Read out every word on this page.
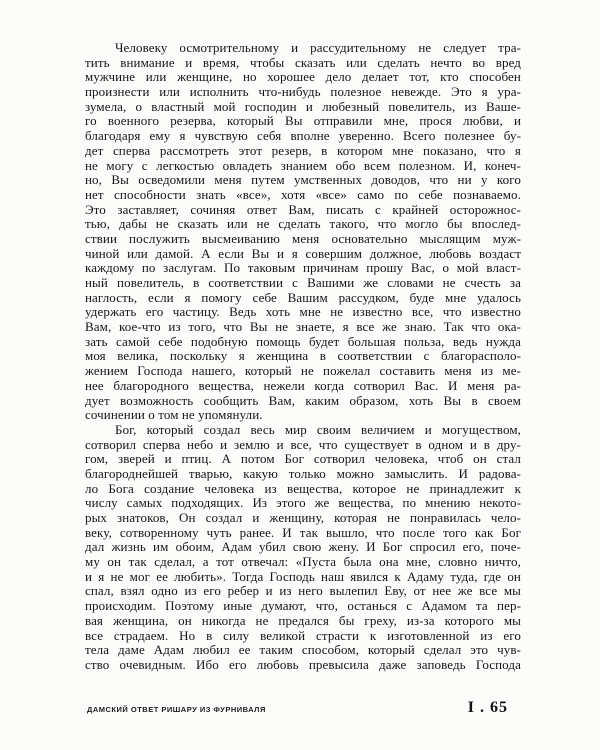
Человеку осмотрительному и рассудительному не следует тра-
тить внимание и время, чтобы сказать или сделать нечто во вред
мужчине или женщине, но хорошее дело делает тот, кто способен
произнести или исполнить что-нибудь полезное невежде. Это я ура-
зумела, о властный мой господин и любезный повелитель, из Ваше-
го военного резерва, который Вы отправили мне, прося любви, и
благодаря ему я чувствую себя вполне уверенно. Всего полезнее бу-
дет сперва рассмотреть этот резерв, в котором мне показано, что я
не могу с легкостью овладеть знанием обо всем полезном. И, конеч-
но, Вы осведомили меня путем умственных доводов, что ни у кого
нет способности знать «все», хотя «все» само по себе познаваемо.
Это заставляет, сочиняя ответ Вам, писать с крайней осторожнос-
тью, дабы не сказать или не сделать такого, что могло бы впослед-
ствии послужить высмеиванию меня основательно мыслящим муж-
чиной или дамой. А если Вы и я совершим должное, любовь воздаст
каждому по заслугам. По таковым причинам прошу Вас, о мой власт-
ный повелитель, в соответствии с Вашими же словами не счесть за
наглость, если я помогу себе Вашим рассудком, буде мне удалось
удержать его частицу. Ведь хоть мне не известно все, что известно
Вам, кое-что из того, что Вы не знаете, я все же знаю. Так что ока-
зать самой себе подобную помощь будет большая польза, ведь нужда
моя велика, поскольку я женщина в соответствии с благорасполо-
жением Господа нашего, который не пожелал составить меня из ме-
нее благородного вещества, нежели когда сотворил Вас. И меня ра-
дует возможность сообщить Вам, каким образом, хоть Вы в своем
сочинении о том не упомянули.
Бог, который создал весь мир своим величием и могуществом,
сотворил сперва небо и землю и все, что существует в одном и в дру-
гом, зверей и птиц. А потом Бог сотворил человека, чтоб он стал
благороднейшей тварью, какую только можно замыслить. И радова-
ло Бога создание человека из вещества, которое не принадлежит к
числу самых подходящих. Из этого же вещества, по мнению некото-
рых знатоков, Он создал и женщину, которая не понравилась чело-
веку, сотворенному чуть ранее. И так вышло, что после того как Бог
дал жизнь им обоим, Адам убил свою жену. И Бог спросил его, поче-
му он так сделал, а тот отвечал: «Пуста была она мне, словно ничто,
и я не мог ее любить». Тогда Господь наш явился к Адаму туда, где он
спал, взял одно из его ребер и из него вылепил Еву, от нее же все мы
происходим. Поэтому иные думают, что, останься с Адамом та пер-
вая женщина, он никогда не предался бы греху, из-за которого мы
все страдаем. Но в силу великой страсти к изготовленной из его
тела даме Адам любил ее таким способом, который сделал это чув-
ство очевидным. Ибо его любовь превысила даже заповедь Господа
ДАМСКИЙ ОТВЕТ РИШАРУ ИЗ ФУРНИВАЛЯ	I . 65
